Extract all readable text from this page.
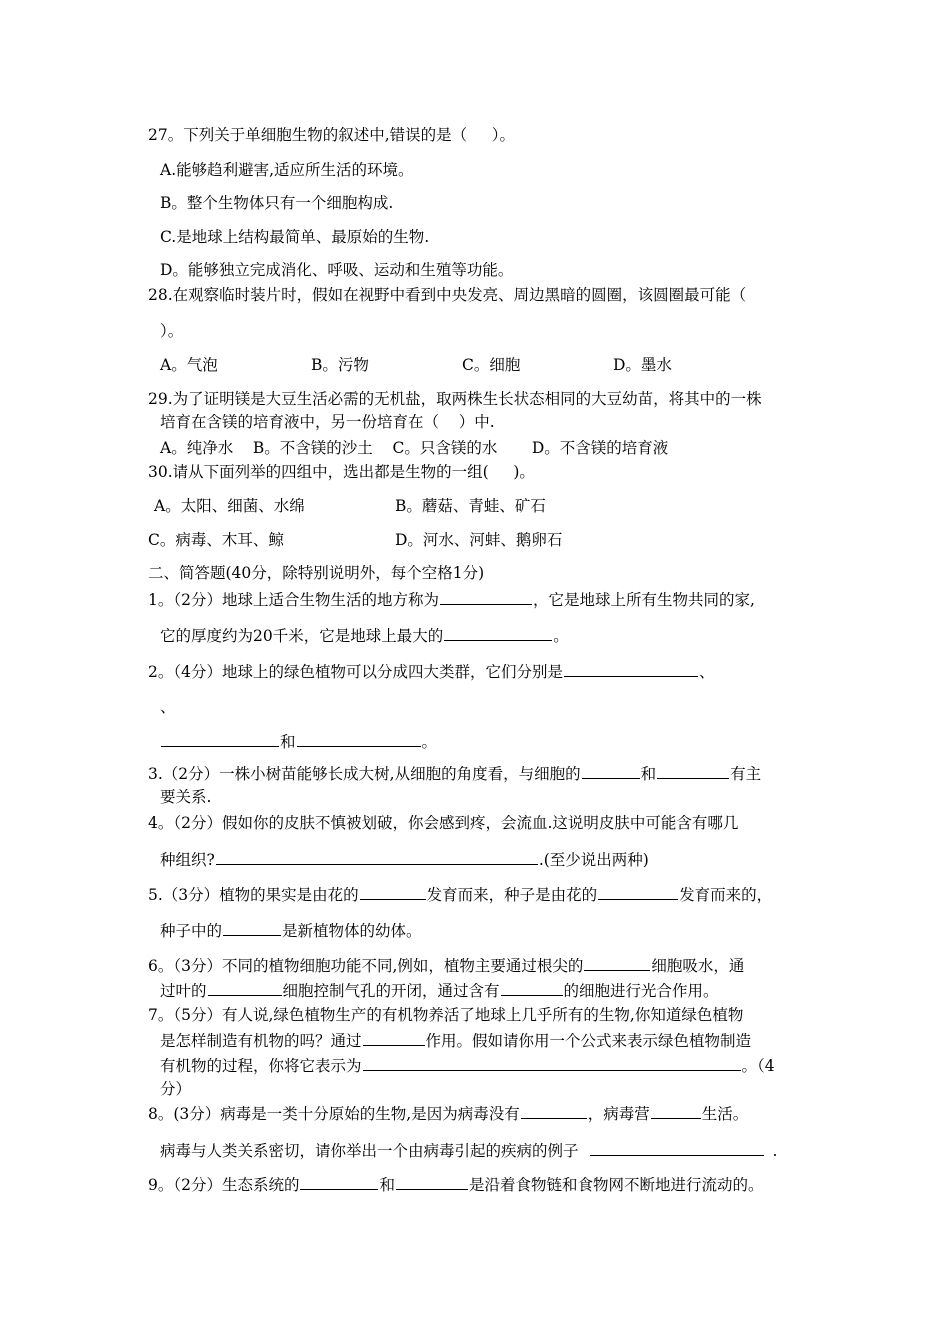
27。下列关于单细胞生物的叙述中,错误的是（     ）。
A.能够趋利避害,适应所生活的环境。
B。整个生物体只有一个细胞构成.
C.是地球上结构最简单、最原始的生物.
D。能够独立完成消化、呼吸、运动和生殖等功能。
28.在观察临时装片时，假如在视野中看到中央发亮、周边黑暗的圆圈，该圆圈最可能（
）。
A。气泡	B。污物	C。细胞	D。墨水
29.为了证明镁是大豆生活必需的无机盐，取两株生长状态相同的大豆幼苗，将其中的一株
培育在含镁的培育液中，另一份培育在（    ）中.
A。纯净水    B。不含镁的沙土    C。只含镁的水       D。不含镁的培育液
30.请从下面列举的四组中，选出都是生物的一组(     )。
A。太阳、细菌、水绵	B。蘑菇、青蛙、矿石
C。病毒、木耳、鲸	D。河水、河蚌、鹅卵石
二、简答题(40分，除特别说明外，每个空格1分)
1。（2分）地球上适合生物生活的地方称为	，它是地球上所有生物共同的家,
它的厚度约为20千米，它是地球上最大的	。
2。（4分）地球上的绿色植物可以分成四大类群，它们分别是	、
、
和	。
3.（2分）一株小树苗能够长成大树,从细胞的角度看，与细胞的	和	有主
要关系.
4。（2分）假如你的皮肤不慎被划破，你会感到疼，会流血.这说明皮肤中可能含有哪几
种组织?	.(至少说出两种)
5.（3分）植物的果实是由花的	发育而来，种子是由花的	发育而来的，
种子中的	是新植物体的幼体。
6。（3分）不同的植物细胞功能不同,例如，植物主要通过根尖的	细胞吸水，通
过叶的	细胞控制气孔的开闭，通过含有	的细胞进行光合作用。
7。（5分）有人说,绿色植物生产的有机物养活了地球上几乎所有的生物,你知道绿色植物
是怎样制造有机物的吗？通过	作用。假如请你用一个公式来表示绿色植物制造
有机物的过程，你将它表示为	。（4
分）
8。(3分）病毒是一类十分原始的生物,是因为病毒没有	，病毒营	生活。
病毒与人类关系密切，请你举出一个由病毒引起的疾病的例子	.
9。（2分）生态系统的	和	是沿着食物链和食物网不断地进行流动的。
